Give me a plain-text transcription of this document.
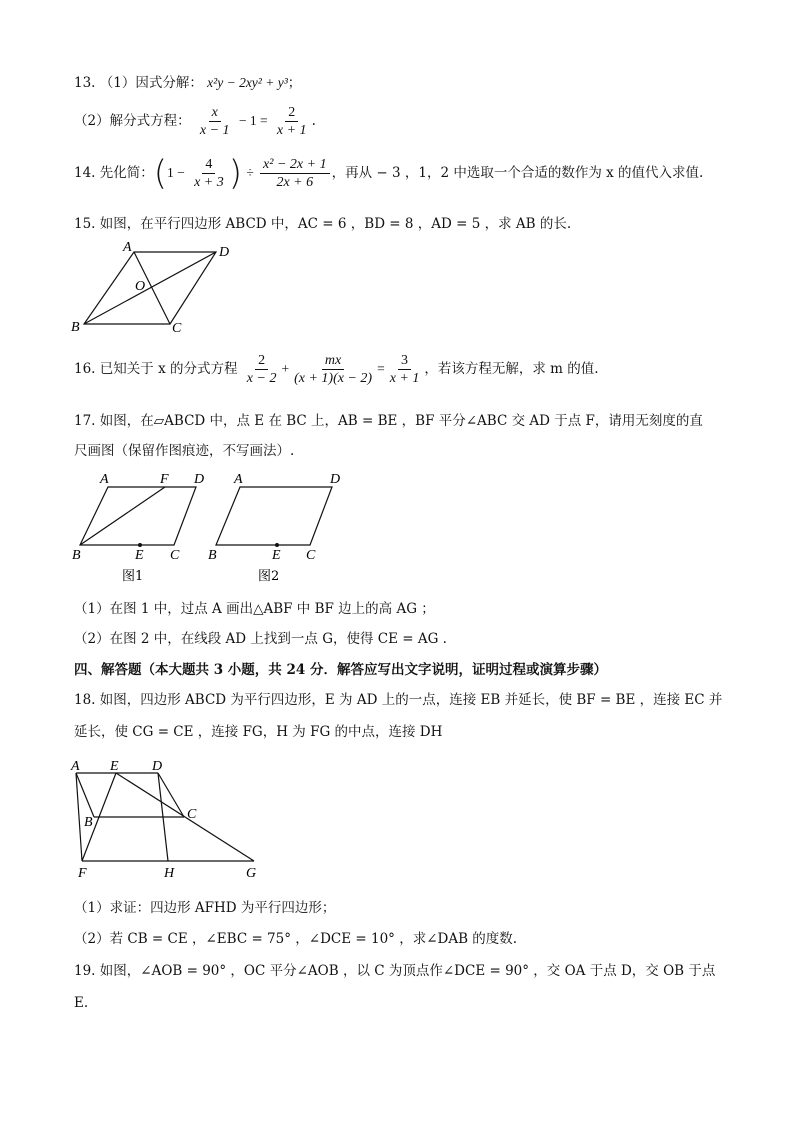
13. （1）因式分解： x²y − 2xy² + y³；
（2）解分式方程： $\frac{x}{x - 1} - 1 = \frac{2}{x + 1}$ .
14. 先化简：($1 - \frac{4}{x + 3}$ ) ÷ $\frac{\text{x² − 2x + 1}}{2x + 6}$ ，再从 − 3 ，1，2 中选取一个合适的数作为 x 的值代入求值.
15. 如图，在平行四边形 ABCD 中，AC = 6 ，BD = 8 ，AD = 5 ，求 AB 的长.
A	D
O
B	C
16. 已知关于 x 的分式方程 $\frac{2}{x - 2} + \frac{mx}{(x + 1)(x - 2)} = \frac{3}{x + 1}$ ，若该方程无解，求 m 的值.
17. 如图，在▱ABCD 中，点 E 在 BC 上，AB = BE ，BF 平分∠ABC 交 AD 于点 F，请用无刻度的直
尺画图（保留作图痕迹，不写画法）.
A	F D
B	E C
图1
A	D
B	E C
图2
（1）在图 1 中，过点 A 画出△ABF 中 BF 边上的高 AG ；
（2）在图 2 中，在线段 AD 上找到一点 G，使得 CE = AG .
四、解答题（本大题共 3 小题，共 24 分．解答应写出文字说明，证明过程或演算步骤）
18. 如图，四边形 ABCD 为平行四边形，E 为 AD 上的一点，连接 EB 并延长，使 BF = BE ，连接 EC 并
延长，使 CG = CE ，连接 FG，H 为 FG 的中点，连接 DH
A E D
B
C
F	H	G
（1）求证：四边形 AFHD 为平行四边形；
（2）若 CB = CE ，∠EBC = 75° ，∠DCE = 10° ，求∠DAB 的度数.
19. 如图，∠AOB = 90° ，OC 平分∠AOB ，以 C 为顶点作∠DCE = 90° ，交 OA 于点 D，交 OB 于点
E.
